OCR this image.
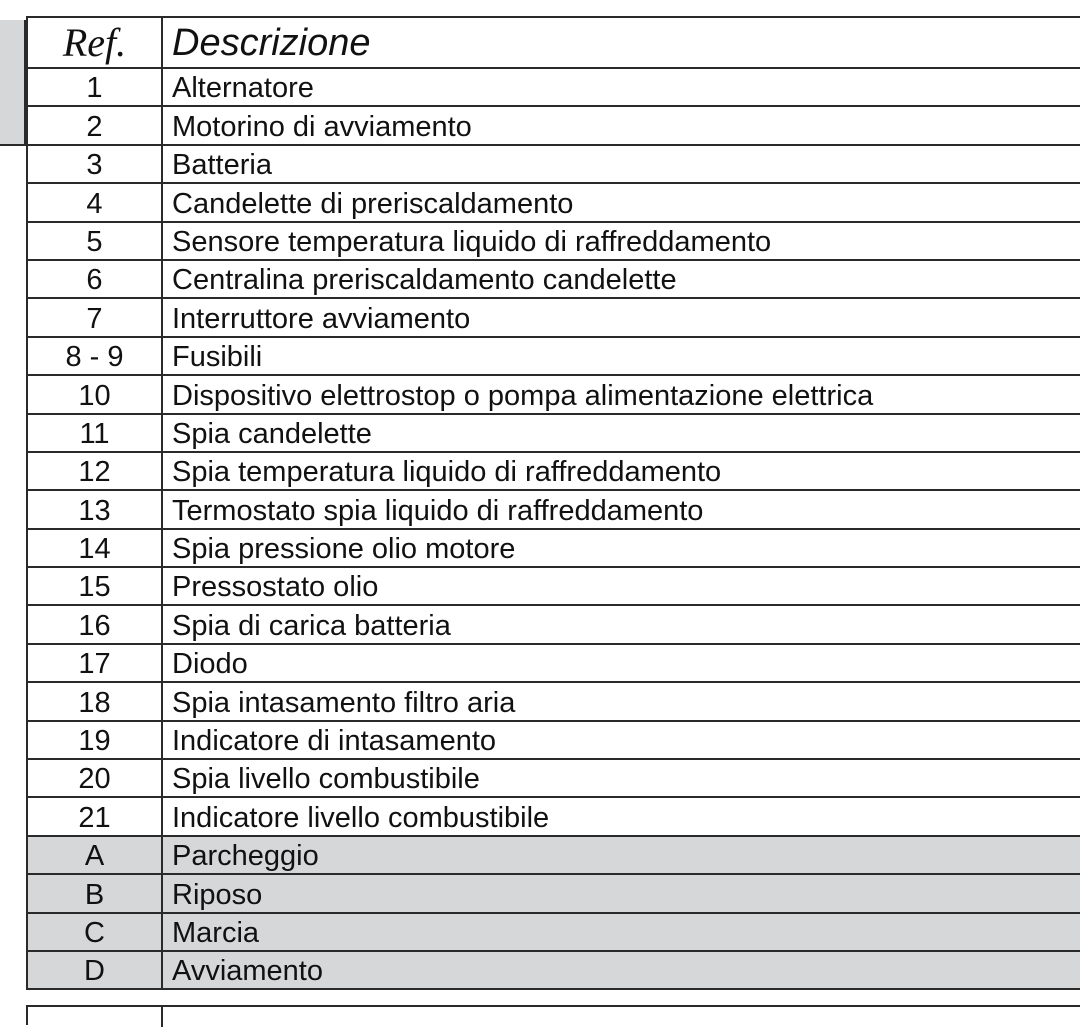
Ref.	Descrizione
1	Alternatore
2	Motorino di avviamento
3	Batteria
4	Candelette di preriscaldamento
5	Sensore temperatura liquido di raffreddamento
6	Centralina preriscaldamento candelette
7	Interruttore avviamento
8 - 9	Fusibili
10	Dispositivo elettrostop o pompa alimentazione elettrica
11	Spia candelette
12	Spia temperatura liquido di raffreddamento
13	Termostato spia liquido di raffreddamento
14	Spia pressione olio motore
15	Pressostato olio
16	Spia di carica batteria
17	Diodo
18	Spia intasamento filtro aria
19	Indicatore di intasamento
20	Spia livello combustibile
21	Indicatore livello combustibile
A	Parcheggio
B	Riposo
C	Marcia
D	Avviamento
